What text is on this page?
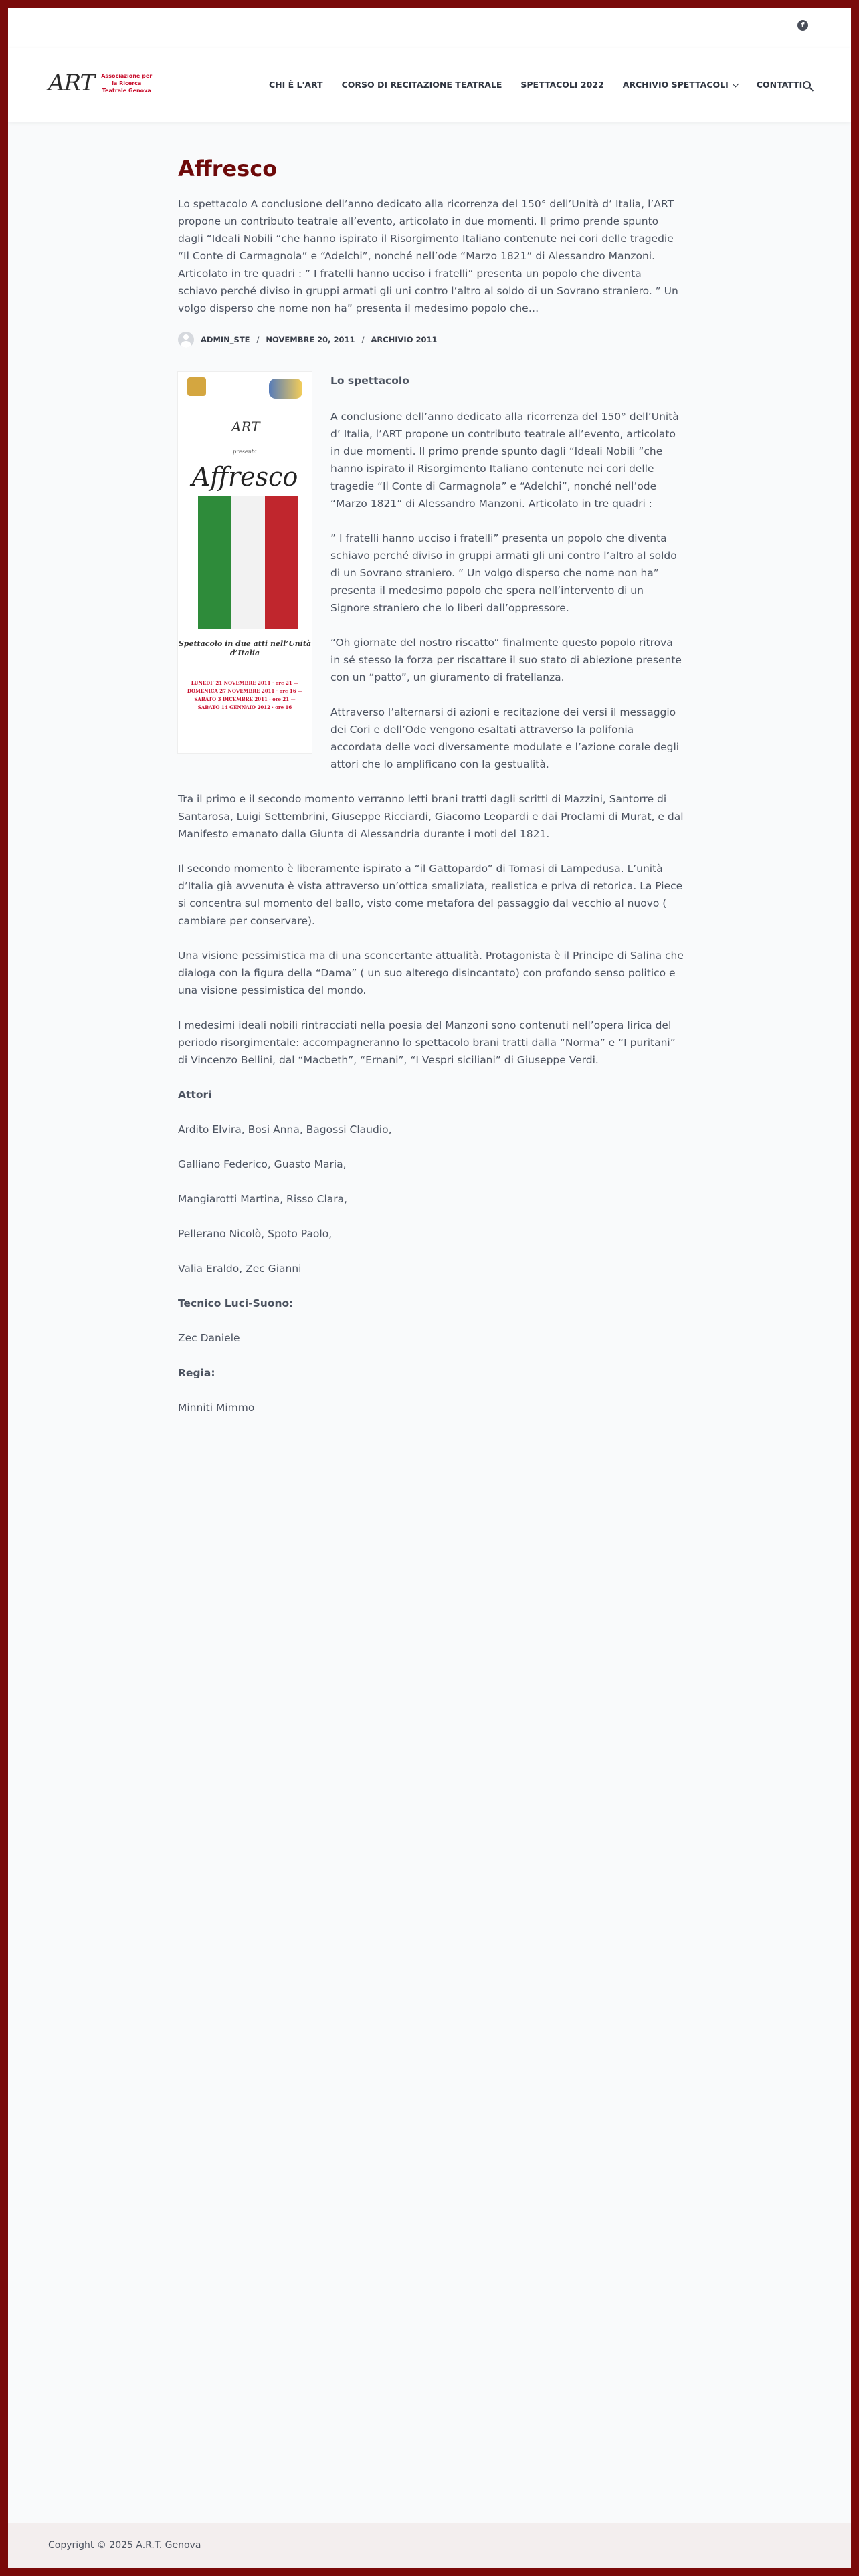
f
ART Associazione per la Ricerca Teatrale Genova
CHI È L'ART CORSO DI RECITAZIONE TEATRALE SPETTACOLI 2022 ARCHIVIO SPETTACOLI	CONTATTI
Affresco
Lo spettacolo A conclusione dell’anno dedicato alla ricorrenza del 150° dell’Unità d’ Italia, l’ART propone un contributo teatrale all’evento, articolato in due momenti. Il primo prende spunto dagli “Ideali Nobili “che hanno ispirato il Risorgimento Italiano contenute nei cori delle tragedie “Il Conte di Carmagnola” e “Adelchi”, nonché nell’ode “Marzo 1821” di Alessandro Manzoni. Articolato in tre quadri : ” I fratelli hanno ucciso i fratelli” presenta un popolo che diventa schiavo perché diviso in gruppi armati gli uni contro l’altro al soldo di un Sovrano straniero. ” Un volgo disperso che nome non ha” presenta il medesimo popolo che…
ADMIN_STE / NOVEMBRE 20, 2011 / ARCHIVIO 2011
ART
presenta
Affresco
Spettacolo in due atti nell’Unità d’Italia
LUNEDI’ 21 NOVEMBRE 2011 · ore 21 — DOMENICA 27 NOVEMBRE 2011 · ore 16 — SABATO 3 DICEMBRE 2011 · ore 21 — SABATO 14 GENNAIO 2012 · ore 16

Lo spettacolo

A conclusione dell’anno dedicato alla ricorrenza del 150° dell’Unità d’ Italia, l’ART propone un contributo teatrale all’evento, articolato in due momenti. Il primo prende spunto dagli “Ideali Nobili “che hanno ispirato il Risorgimento Italiano contenute nei cori delle tragedie “Il Conte di Carmagnola” e “Adelchi”, nonché nell’ode “Marzo 1821” di Alessandro Manzoni. Articolato in tre quadri :

” I fratelli hanno ucciso i fratelli” presenta un popolo che diventa schiavo perché diviso in gruppi armati gli uni contro l’altro al soldo di un Sovrano straniero. ” Un volgo disperso che nome non ha” presenta il medesimo popolo che spera nell’intervento di un Signore straniero che lo liberi dall’oppressore.

“Oh giornate del nostro riscatto” finalmente questo popolo ritrova in sé stesso la forza per riscattare il suo stato di abiezione presente con un “patto”, un giuramento di fratellanza.

Attraverso l’alternarsi di azioni e recitazione dei versi il messaggio dei Cori e dell’Ode vengono esaltati attraverso la polifonia accordata delle voci diversamente modulate e l’azione corale degli attori che lo amplificano con la gestualità.

Tra il primo e il secondo momento verranno letti brani tratti dagli scritti di Mazzini, Santorre di Santarosa, Luigi Settembrini, Giuseppe Ricciardi, Giacomo Leopardi e dai Proclami di Murat, e dal Manifesto emanato dalla Giunta di Alessandria durante i moti del 1821.

Il secondo momento è liberamente ispirato a “il Gattopardo” di Tomasi di Lampedusa. L’unità d’Italia già avvenuta è vista attraverso un’ottica smaliziata, realistica e priva di retorica. La Piece si concentra sul momento del ballo, visto come metafora del passaggio dal vecchio al nuovo ( cambiare per conservare).

Una visione pessimistica ma di una sconcertante attualità. Protagonista è il Principe di Salina che dialoga con la figura della “Dama” ( un suo alterego disincantato) con profondo senso politico e una visione pessimistica del mondo.

I medesimi ideali nobili rintracciati nella poesia del Manzoni sono contenuti nell’opera lirica del periodo risorgimentale: accompagneranno lo spettacolo brani tratti dalla “Norma” e “I puritani” di Vincenzo Bellini, dal “Macbeth”, “Ernani”, “I Vespri siciliani” di Giuseppe Verdi.

Attori

Ardito Elvira, Bosi Anna, Bagossi Claudio,

Galliano Federico, Guasto Maria,

Mangiarotti Martina, Risso Clara,

Pellerano Nicolò, Spoto Paolo,

Valia Eraldo, Zec Gianni

Tecnico Luci-Suono:

Zec Daniele

Regia:

Minniti Mimmo

Copyright © 2025 A.R.T. Genova
